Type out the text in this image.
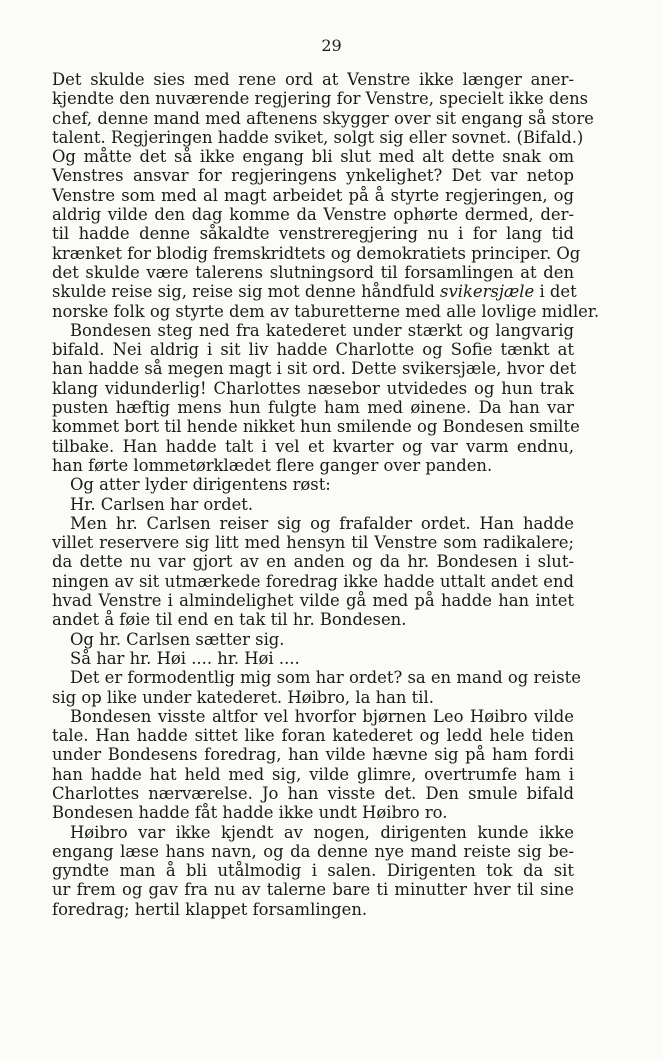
29
Det skulde sies med rene ord at Venstre ikke længer aner-
kjendte den nuværende regjering for Venstre, specielt ikke dens
chef, denne mand med aftenens skygger over sit engang så store
talent. Regjeringen hadde sviket, solgt sig eller sovnet. (Bifald.)
Og måtte det så ikke engang bli slut med alt dette snak om
Venstres ansvar for regjeringens ynkelighet? Det var netop
Venstre som med al magt arbeidet på å styrte regjeringen, og
aldrig vilde den dag komme da Venstre ophørte dermed, der-
til hadde denne såkaldte venstreregjering nu i for lang tid
krænket for blodig fremskridtets og demokratiets principer. Og
det skulde være talerens slutningsord til forsamlingen at den
skulde reise sig, reise sig mot denne håndfuld svikersjæle i det
norske folk og styrte dem av taburetterne med alle lovlige midler.
Bondesen steg ned fra katederet under stærkt og langvarig
bifald. Nei aldrig i sit liv hadde Charlotte og Sofie tænkt at
han hadde så megen magt i sit ord. Dette svikersjæle, hvor det
klang vidunderlig! Charlottes næsebor utvidedes og hun trak
pusten hæftig mens hun fulgte ham med øinene. Da han var
kommet bort til hende nikket hun smilende og Bondesen smilte
tilbake. Han hadde talt i vel et kvarter og var varm endnu,
han førte lommetørklædet flere ganger over panden.
Og atter lyder dirigentens røst:
Hr. Carlsen har ordet.
Men hr. Carlsen reiser sig og frafalder ordet. Han hadde
villet reservere sig litt med hensyn til Venstre som radikalere;
da dette nu var gjort av en anden og da hr. Bondesen i slut-
ningen av sit utmærkede foredrag ikke hadde uttalt andet end
hvad Venstre i almindelighet vilde gå med på hadde han intet
andet å føie til end en tak til hr. Bondesen.
Og hr. Carlsen sætter sig.
Så har hr. Høi .... hr. Høi ....
Det er formodentlig mig som har ordet? sa en mand og reiste
sig op like under katederet. Høibro, la han til.
Bondesen visste altfor vel hvorfor bjørnen Leo Høibro vilde
tale. Han hadde sittet like foran katederet og ledd hele tiden
under Bondesens foredrag, han vilde hævne sig på ham fordi
han hadde hat held med sig, vilde glimre, overtrumfe ham i
Charlottes nærværelse. Jo han visste det. Den smule bifald
Bondesen hadde fåt hadde ikke undt Høibro ro.
Høibro var ikke kjendt av nogen, dirigenten kunde ikke
engang læse hans navn, og da denne nye mand reiste sig be-
gyndte man å bli utålmodig i salen. Dirigenten tok da sit
ur frem og gav fra nu av talerne bare ti minutter hver til sine
foredrag; hertil klappet forsamlingen.
